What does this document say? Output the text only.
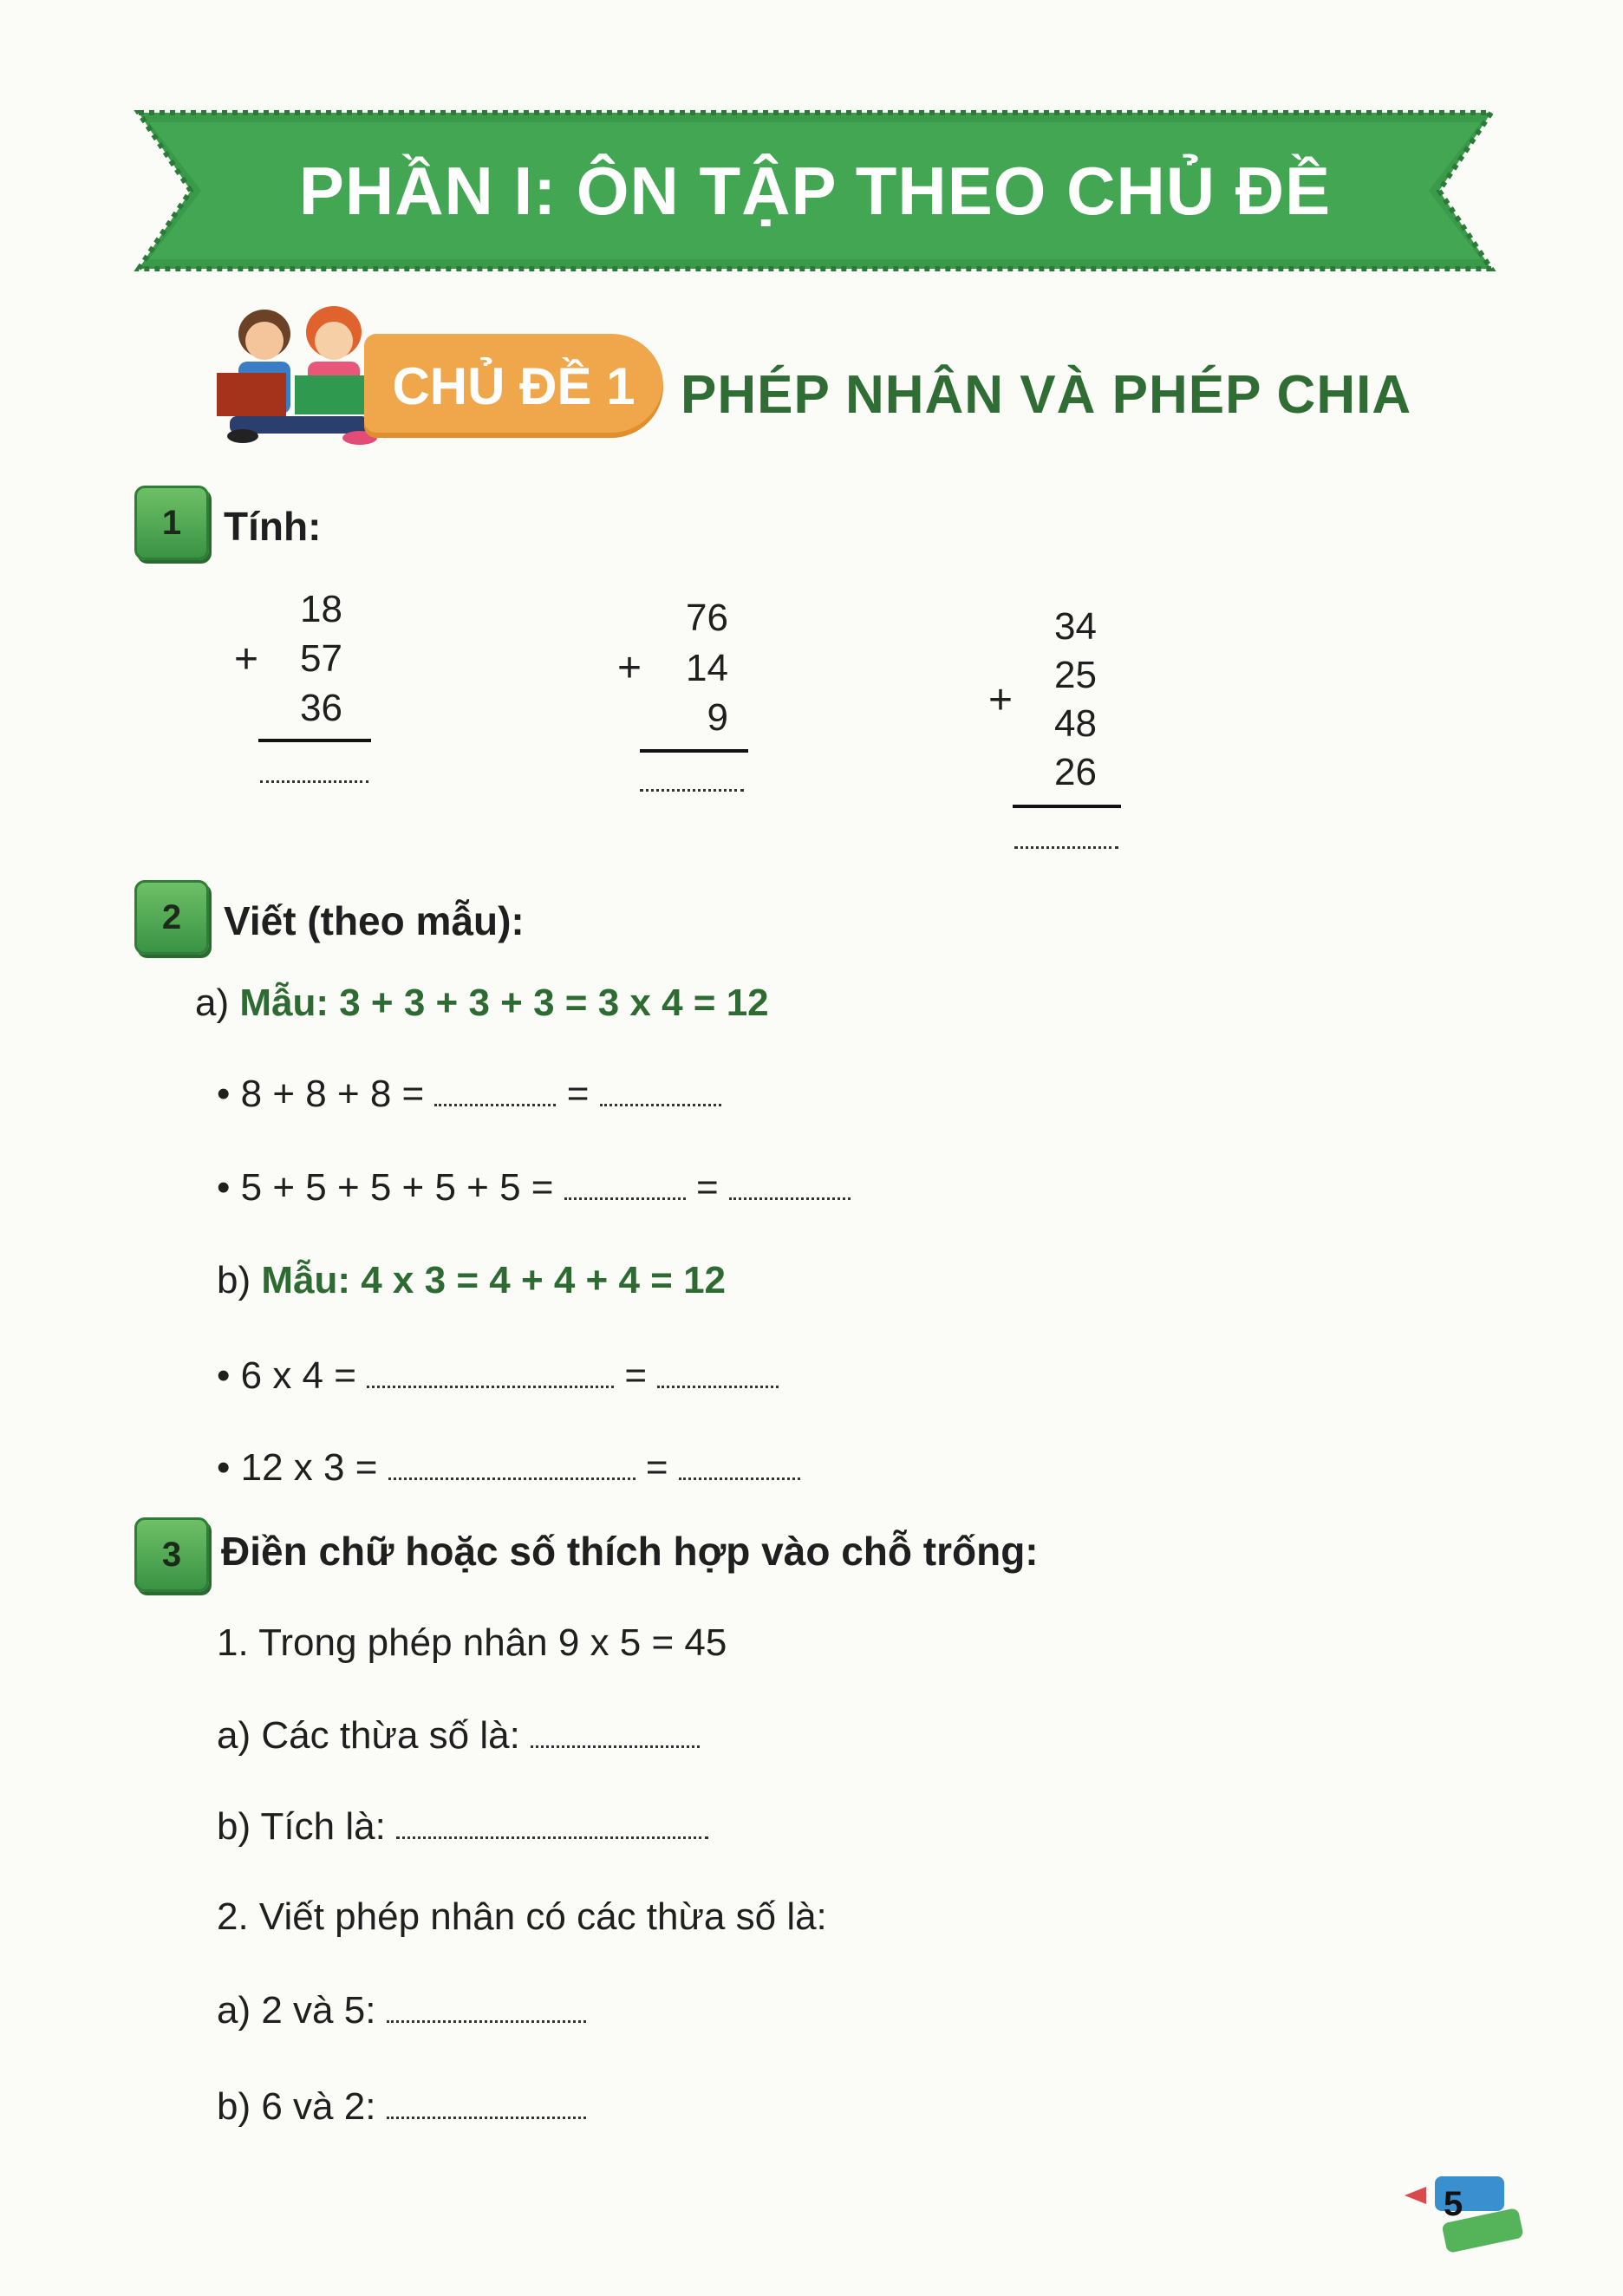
PHẦN I: ÔN TẬP THEO CHỦ ĐỀ
CHỦ ĐỀ 1 PHÉP NHÂN VÀ PHÉP CHIA
1	Tính:
18
+	57
36
76
+	14
9
34
25
+
48
26
2	Viết (theo mẫu):
a) Mẫu: 3 + 3 + 3 + 3 = 3 x 4 = 12
• 8 + 8 + 8 =	=
• 5 + 5 + 5 + 5 + 5 =	=
b) Mẫu: 4 x 3 = 4 + 4 + 4 = 12
• 6 x 4 =	=
• 12 x 3 =	=
3 Điền chữ hoặc số thích hợp vào chỗ trống:
1. Trong phép nhân 9 x 5 = 45
a) Các thừa số là:
b) Tích là:
2. Viết phép nhân có các thừa số là:
a) 2 và 5:
b) 6 và 2:
5
